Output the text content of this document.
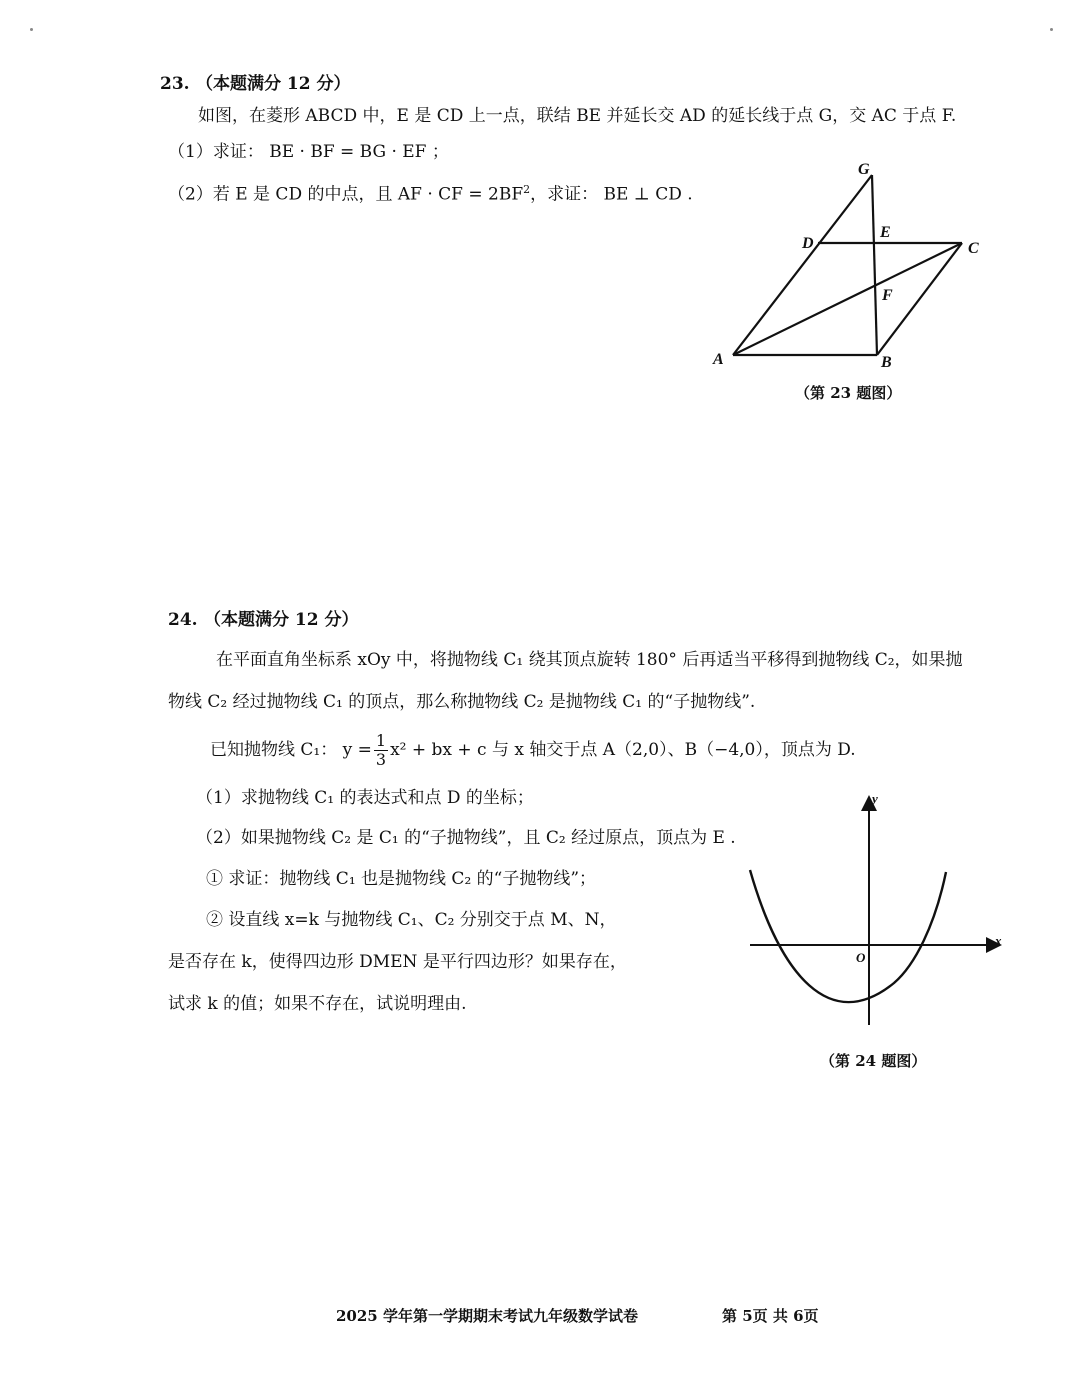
23. （本题满分 12 分）
如图，在菱形 ABCD 中，E 是 CD 上一点，联结 BE 并延长交 AD 的延长线于点 G，交 AC 于点 F.
（1）求证： BE · BF = BG · EF ；
（2）若 E 是 CD 的中点，且 AF · CF = $2BF^2$，求证： BE ⊥ CD .
G
D
E
C
F
A	B
（第 23 题图）
24. （本题满分 12 分）
在平面直角坐标系 xOy 中，将抛物线 C₁ 绕其顶点旋转 180° 后再适当平移得到抛物线 C₂，如果抛
物线 C₂ 经过抛物线 C₁ 的顶点，那么称抛物线 C₂ 是抛物线 C₁ 的“子抛物线”.
已知抛物线 C₁： $y = \frac{1}{3} x^2$ + bx + c 与 x 轴交于点 A（2,0）、B（−4,0），顶点为 D.
（1）求抛物线 C₁ 的表达式和点 D 的坐标；
（2）如果抛物线 C₂ 是 C₁ 的“子抛物线”，且 C₂ 经过原点，顶点为 E .
① 求证：抛物线 C₁ 也是抛物线 C₂ 的“子抛物线”；
② 设直线 x=k 与抛物线 C₁、C₂ 分别交于点 M、N，
是否存在 k，使得四边形 DMEN 是平行四边形？如果存在，
试求 k 的值；如果不存在，试说明理由.
x
y
O
（第 24 题图）
2025 学年第一学期期末考试九年级数学试卷	第 5页 共 6页
